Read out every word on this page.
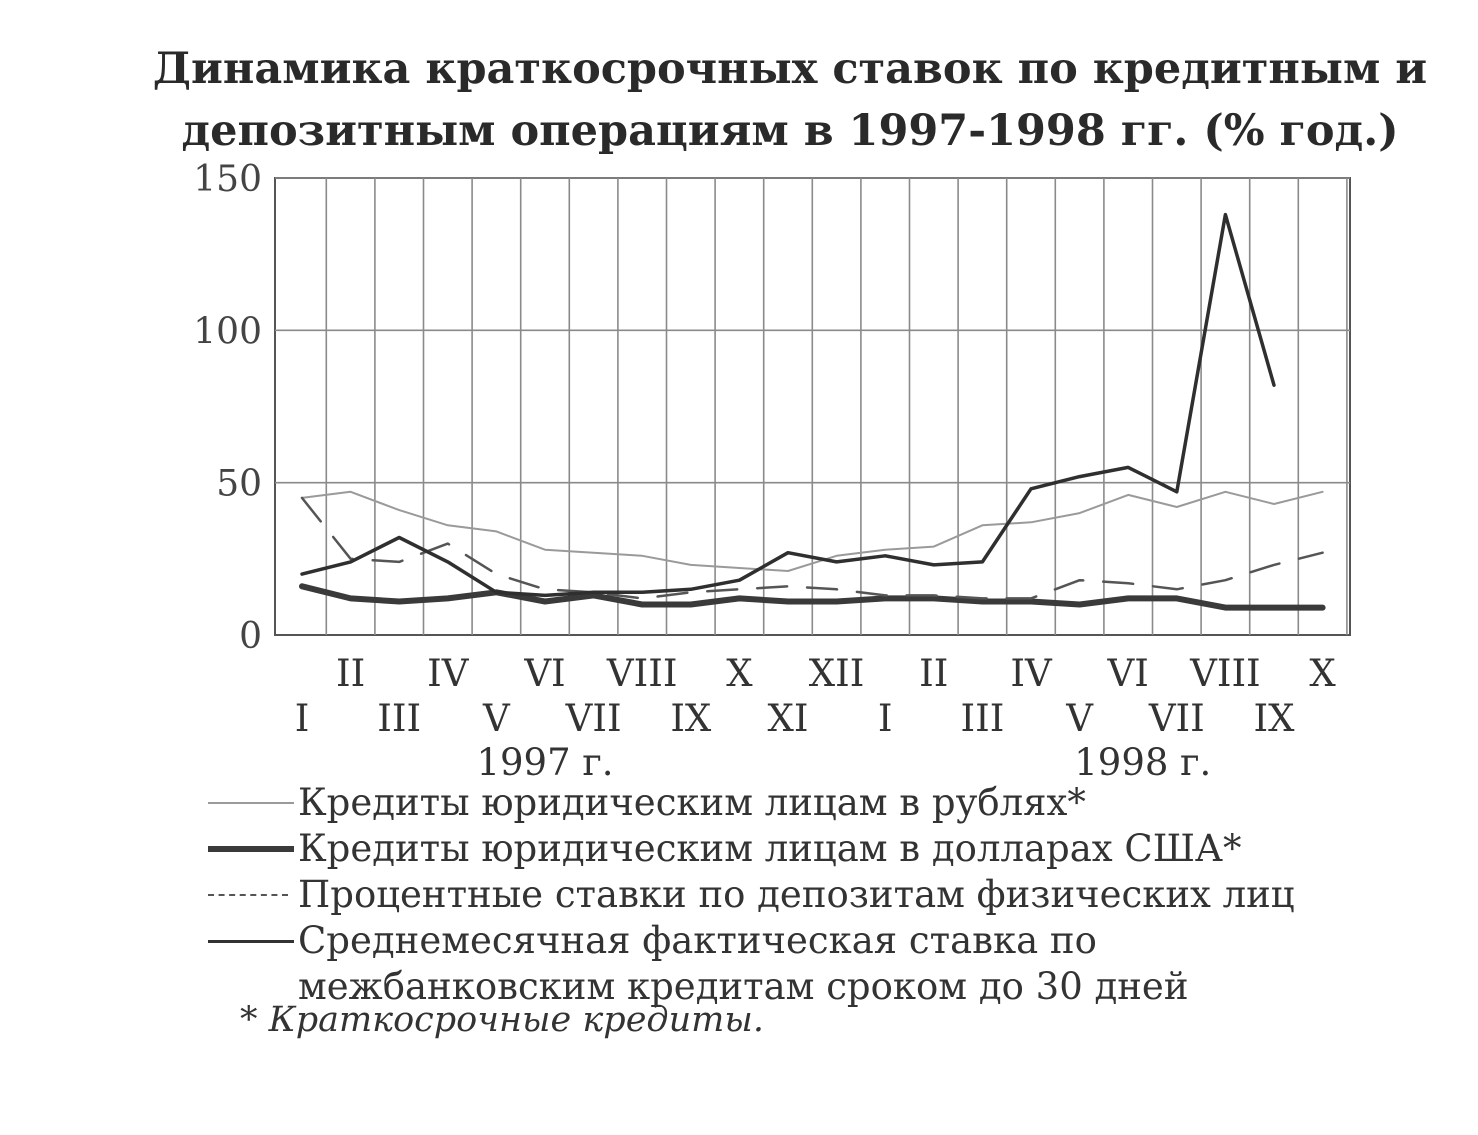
Динамика краткосрочных ставок по кредитным и
депозитным операциям в 1997-1998 гг. (% год.)
0
50
100
150
I
II
III
IV
V
VI
VII
VIII
IX
X
XI
XII
I
II
III
IV
V
VI
VII
VIII
IX
X
1997 г.	1998 г.
Кредиты юридическим лицам в рублях*
Кредиты юридическим лицам в долларах США*
Процентные ставки по депозитам физических лиц
Среднемесячная фактическая ставка по
межбанковским кредитам сроком до 30 дней
* Краткосрочные кредиты.
